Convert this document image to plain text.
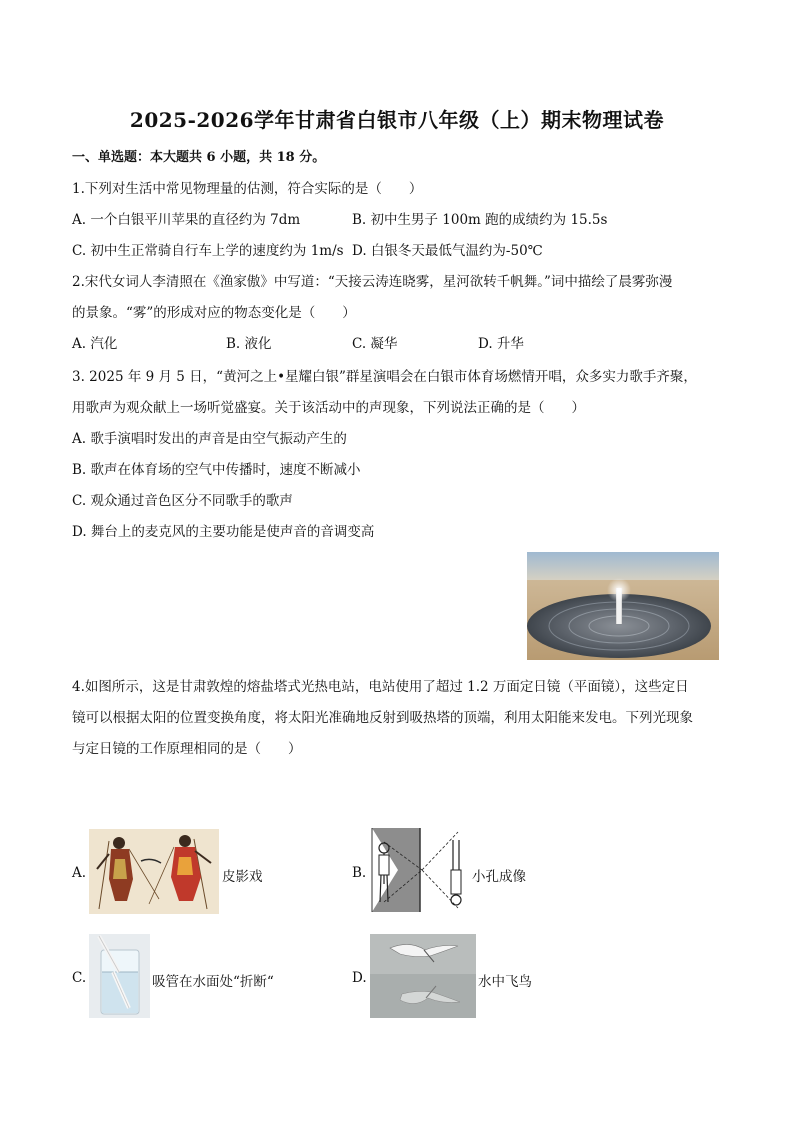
2025-2026学年甘肃省白银市八年级（上）期末物理试卷
一、单选题：本大题共 6 小题，共 18 分。
1.下列对生活中常见物理量的估测，符合实际的是（　　）
A. 一个白银平川苹果的直径约为 7dm	B. 初中生男子 100m 跑的成绩约为 15.5s
C. 初中生正常骑自行车上学的速度约为 1m/s D. 白银冬天最低气温约为-50℃
2.宋代女词人李清照在《渔家傲》中写道：“天接云涛连晓雾，星河欲转千帆舞。”词中描绘了晨雾弥漫
的景象。“雾”的形成对应的物态变化是（　　）
A. 汽化	B. 液化	C. 凝华	D. 升华
3. 2025 年 9 月 5 日，“黄河之上•星耀白银”群星演唱会在白银市体育场燃情开唱，众多实力歌手齐聚，
用歌声为观众献上一场听觉盛宴。关于该活动中的声现象，下列说法正确的是（　　）
A. 歌手演唱时发出的声音是由空气振动产生的
B. 歌声在体育场的空气中传播时，速度不断减小
C. 观众通过音色区分不同歌手的歌声
D. 舞台上的麦克风的主要功能是使声音的音调变高
4.如图所示，这是甘肃敦煌的熔盐塔式光热电站，电站使用了超过 1.2 万面定日镜（平面镜），这些定日
镜可以根据太阳的位置变换角度，将太阳光准确地反射到吸热塔的顶端，利用太阳能来发电。下列光现象
与定日镜的工作原理相同的是（　　）
A.	皮影戏	B.	小孔成像
C.	吸管在水面处“折断“	D.	水中飞鸟
